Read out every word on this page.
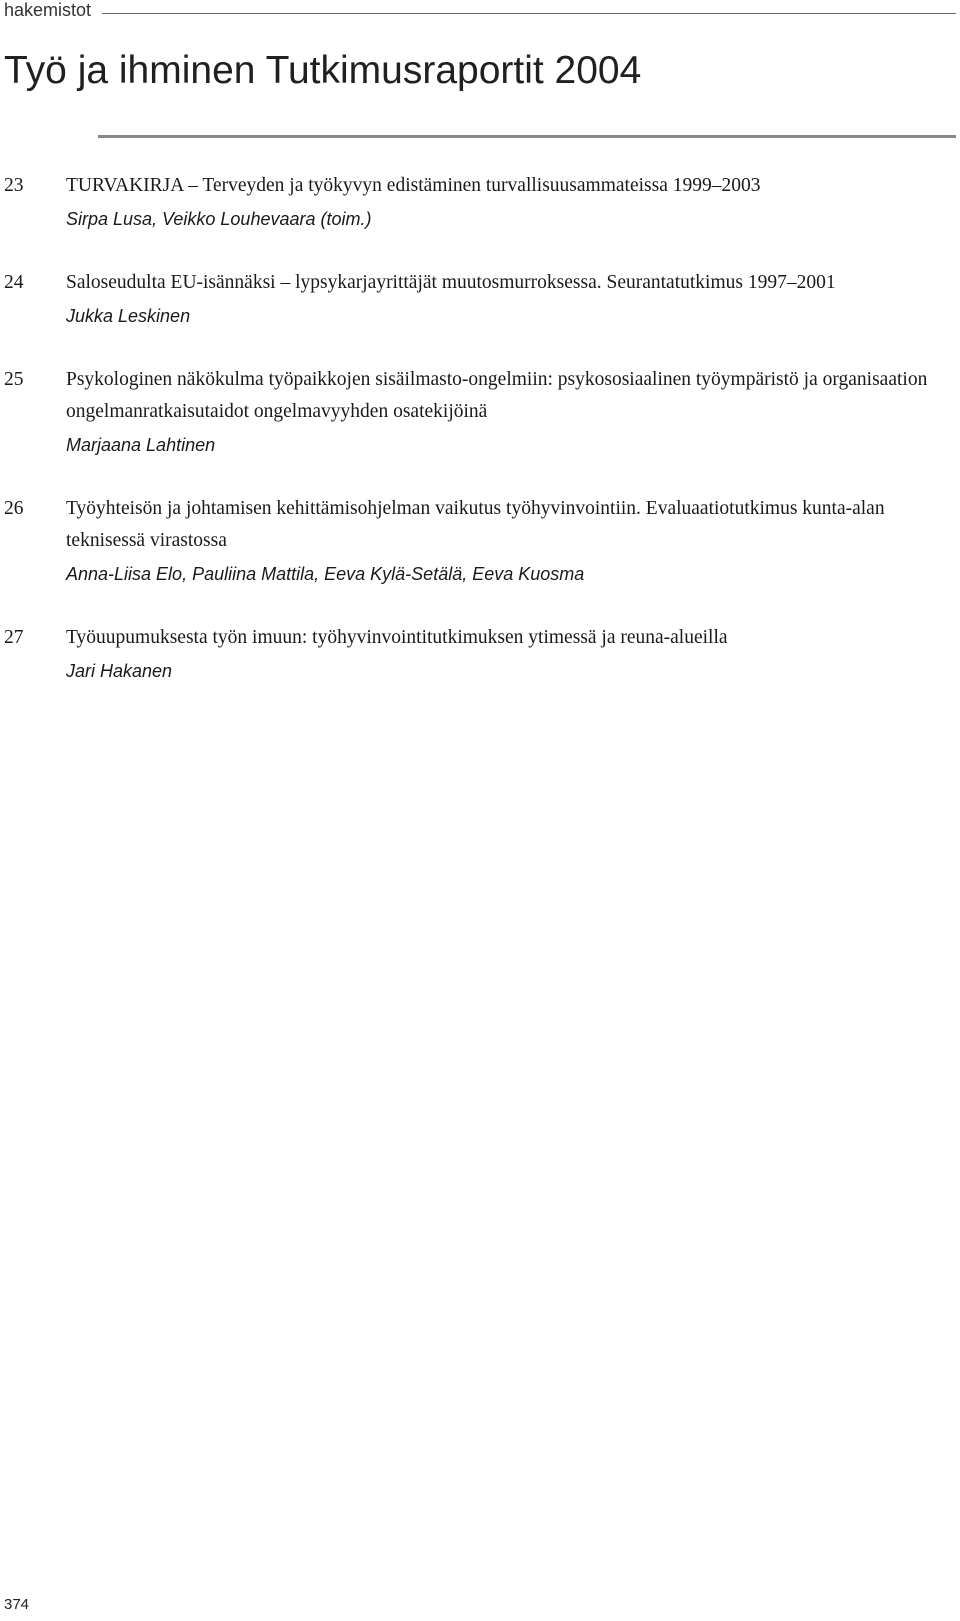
hakemistot
Työ ja ihminen Tutkimusraportit 2004
23 TURVAKIRJA – Terveyden ja työkyvyn edistäminen turvallisuusammateissa 1999–2003

Sirpa Lusa, Veikko Louhevaara (toim.)

24 Saloseudulta EU-isännäksi – lypsykarjayrittäjät muutosmurroksessa. Seurantatutkimus 1997–2001

Jukka Leskinen

25 Psykologinen näkökulma työpaikkojen sisäilmasto-ongelmiin: psykososiaalinen työympäristö ja organisaation ongelmanratkaisutaidot ongelmavyyhden osatekijöinä

Marjaana Lahtinen

26 Työyhteisön ja johtamisen kehittämisohjelman vaikutus työhyvinvointiin. Evaluaatiotutkimus kunta-alan teknisessä virastossa

Anna-Liisa Elo, Pauliina Mattila, Eeva Kylä-Setälä, Eeva Kuosma

27 Työuupumuksesta työn imuun: työhyvinvointitutkimuksen ytimessä ja reuna-alueilla

Jari Hakanen

374
